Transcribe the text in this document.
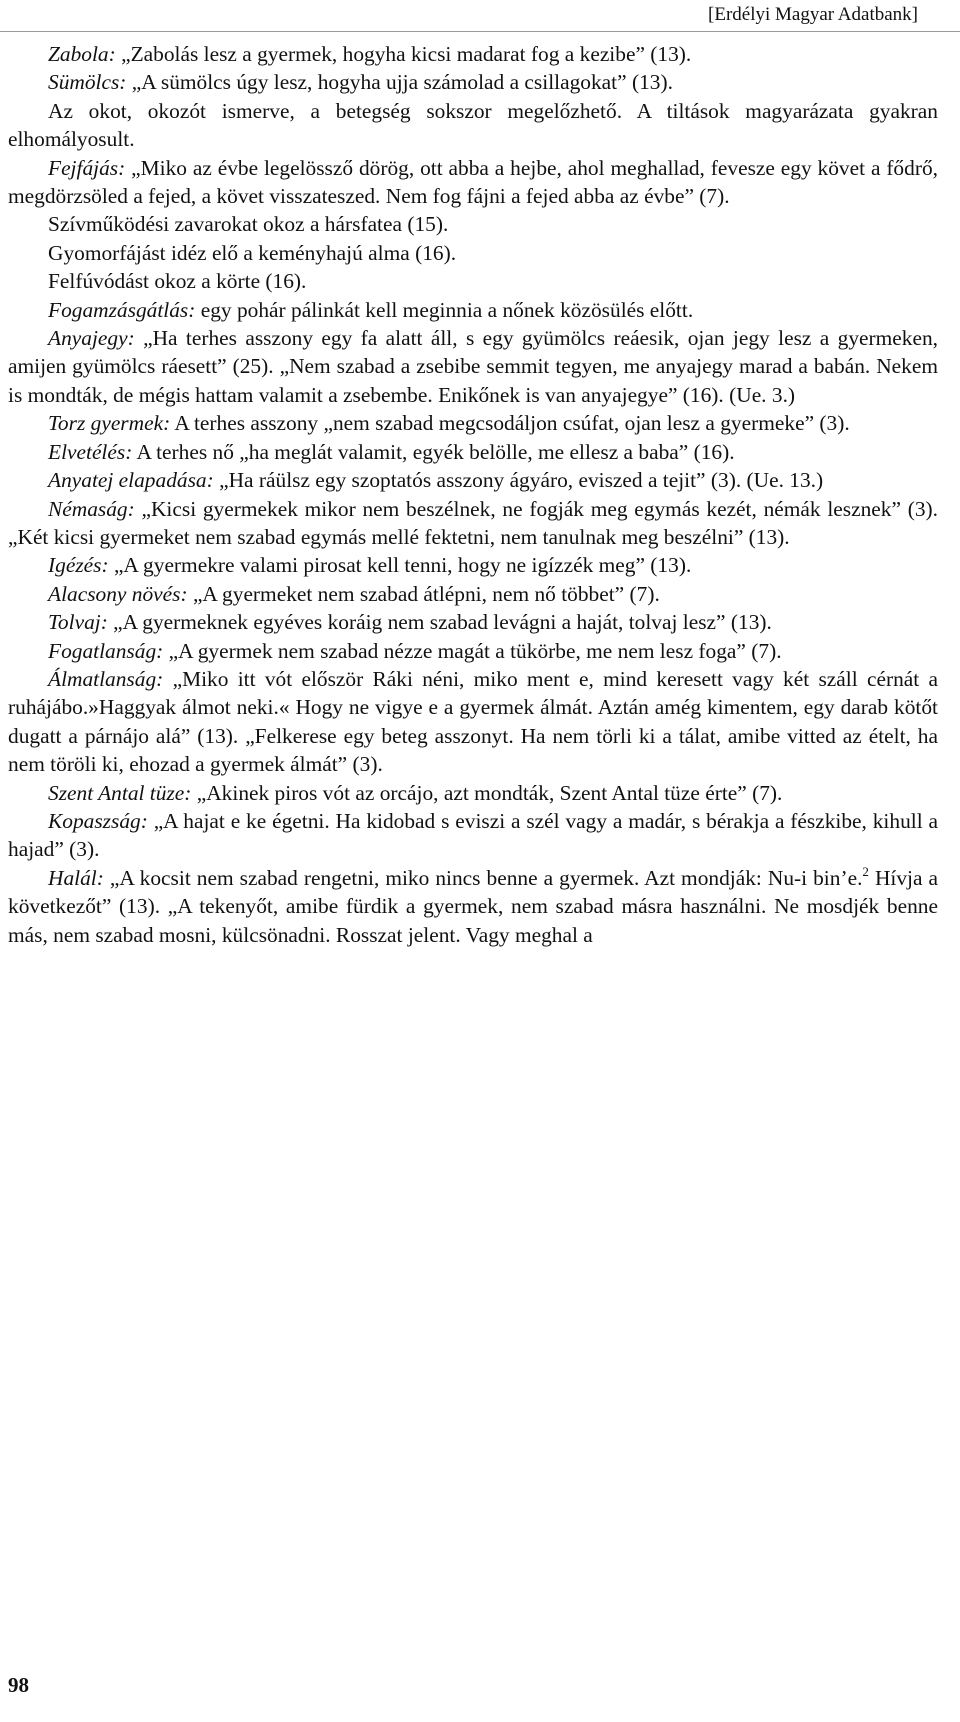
[Erdélyi Magyar Adatbank]

Zabola: „Zabolás lesz a gyermek, hogyha kicsi madarat fog a kezibe” (13).

Sümölcs: „A sümölcs úgy lesz, hogyha ujja számolad a csillagokat” (13).

Az okot, okozót ismerve, a betegség sokszor megelőzhető. A tiltások magyarázata gyakran elhomályosult.

Fejfájás: „Miko az évbe legelössző dörög, ott abba a hejbe, ahol meghallad, fevesze egy követ a fődrő, megdörzsöled a fejed, a követ visszateszed. Nem fog fájni a fejed abba az évbe” (7).

Szívműködési zavarokat okoz a hársfatea (15).

Gyomorfájást idéz elő a keményhajú alma (16).

Felfúvódást okoz a körte (16).

Fogamzásgátlás: egy pohár pálinkát kell meginnia a nőnek közösülés előtt.

Anyajegy: „Ha terhes asszony egy fa alatt áll, s egy gyümölcs reáesik, ojan jegy lesz a gyermeken, amijen gyümölcs ráesett” (25). „Nem szabad a zsebibe semmit tegyen, me anyajegy marad a babán. Nekem is mondták, de mégis hattam valamit a zsebembe. Enikőnek is van anyajegye” (16). (Ue. 3.)

Torz gyermek: A terhes asszony „nem szabad megcsodáljon csúfat, ojan lesz a gyermeke” (3).

Elvetélés: A terhes nő „ha meglát valamit, egyék belölle, me ellesz a baba” (16).

Anyatej elapadása: „Ha ráülsz egy szoptatós asszony ágyáro, eviszed a tejit” (3). (Ue. 13.)

Némaság: „Kicsi gyermekek mikor nem beszélnek, ne fogják meg egymás kezét, némák lesznek” (3). „Két kicsi gyermeket nem szabad egymás mellé fektetni, nem tanulnak meg beszélni” (13).

Igézés: „A gyermekre valami pirosat kell tenni, hogy ne igízzék meg” (13).

Alacsony növés: „A gyermeket nem szabad átlépni, nem nő többet” (7).

Tolvaj: „A gyermeknek egyéves koráig nem szabad levágni a haját, tolvaj lesz” (13).

Fogatlanság: „A gyermek nem szabad nézze magát a tükörbe, me nem lesz foga” (7).

Álmatlanság: „Miko itt vót először Ráki néni, miko ment e, mind keresett vagy két száll cérnát a ruhájábo.»Haggyak álmot neki.« Hogy ne vigye e a gyermek álmát. Aztán amég kimentem, egy darab kötőt dugatt a párnájo alá” (13). „Felkerese egy beteg asszonyt. Ha nem törli ki a tálat, amibe vitted az ételt, ha nem töröli ki, ehozad a gyermek álmát” (3).

Szent Antal tüze: „Akinek piros vót az orcájo, azt mondták, Szent Antal tüze érte” (7).

Kopaszság: „A hajat e ke égetni. Ha kidobad s eviszi a szél vagy a madár, s bérakja a fészkibe, kihull a hajad” (3).

Halál: „A kocsit nem szabad rengetni, miko nincs benne a gyermek. Azt mondják: Nu-i bin’e.$^2$ Hívja a következőt” (13). „A tekenyőt, amibe fürdik a gyermek, nem szabad másra használni. Ne mosdjék benne más, nem szabad mosni, külcsönadni. Rosszat jelent. Vagy meghal a

98
